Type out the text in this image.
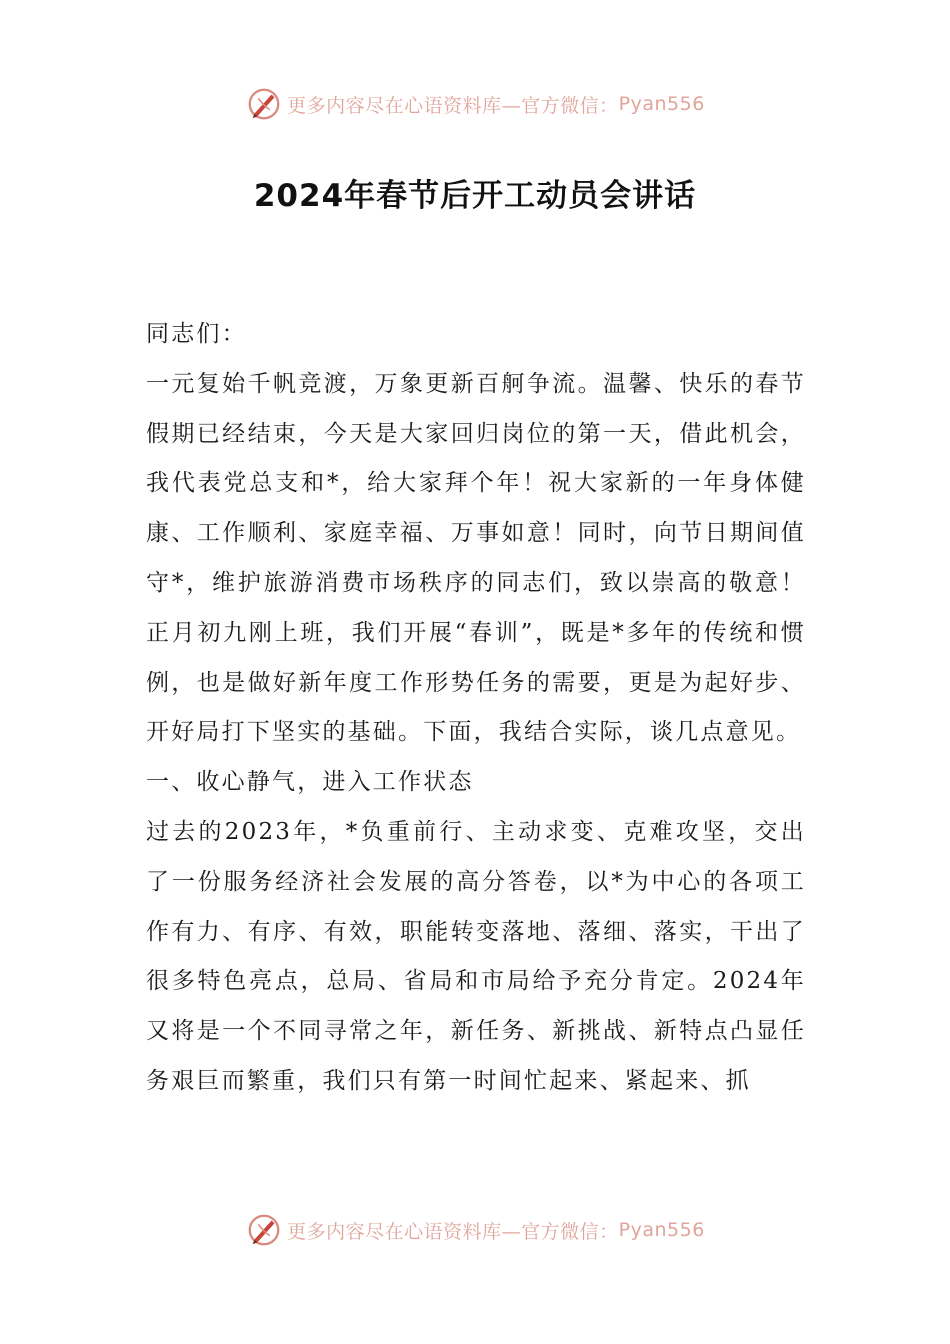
更多内容尽在心语资料库—官方微信： Pyan556
2024年春节后开工动员会讲话

同志们：

一元复始千帆竞渡，万象更新百舸争流。温馨、快乐的春节假期已经结束，今天是大家回归岗位的第一天，借此机会，我代表党总支和*，给大家拜个年！祝大家新的一年身体健康、工作顺利、家庭幸福、万事如意！同时，向节日期间值守*，维护旅游消费市场秩序的同志们，致以崇高的敬意！正月初九刚上班，我们开展“春训”，既是*多年的传统和惯例，也是做好新年度工作形势任务的需要，更是为起好步、开好局打下坚实的基础。下面，我结合实际，谈几点意见。

一、收心静气，进入工作状态

过去的2023年，*负重前行、主动求变、克难攻坚，交出了一份服务经济社会发展的高分答卷，以*为中心的各项工作有力、有序、有效，职能转变落地、落细、落实，干出了很多特色亮点，总局、省局和市局给予充分肯定。2024年又将是一个不同寻常之年，新任务、新挑战、新特点凸显任务艰巨而繁重，我们只有第一时间忙起来、紧起来、抓

更多内容尽在心语资料库—官方微信： Pyan556
